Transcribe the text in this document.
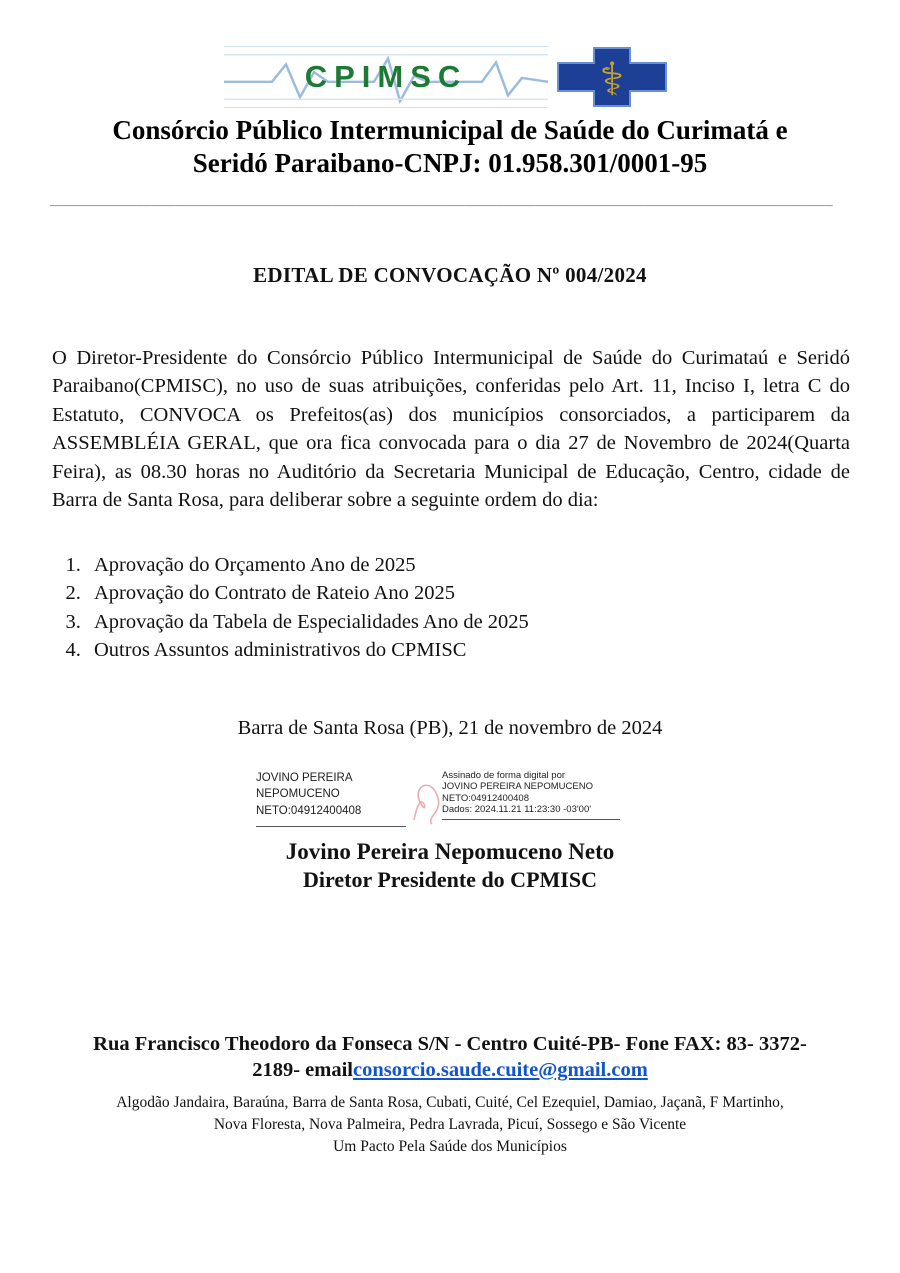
CPIMSC	⚕
Consórcio Público Intermunicipal de Saúde do Curimatá e
Seridó Paraibano-CNPJ: 01.958.301/0001-95
____________________________________________________________________________________________________
EDITAL DE CONVOCAÇÃO Nº 004/2024

O Diretor-Presidente do Consórcio Público Intermunicipal de Saúde do Curimataú e Seridó Paraibano(CPMISC), no uso de suas atribuições, conferidas pelo Art. 11, Inciso I, letra C do Estatuto, CONVOCA os Prefeitos(as) dos municípios consorciados, a participarem da ASSEMBLÉIA GERAL, que ora fica convocada para o dia 27 de Novembro de 2024(Quarta Feira), as 08.30 horas no Auditório da Secretaria Municipal de Educação, Centro, cidade de Barra de Santa Rosa, para deliberar sobre a seguinte ordem do dia:

1. Aprovação do Orçamento Ano de 2025
2. Aprovação do Contrato de Rateio Ano 2025
3. Aprovação da Tabela de Especialidades Ano de 2025
4. Outros Assuntos administrativos do CPMISC

Barra de Santa Rosa (PB), 21 de novembro de 2024

JOVINO PEREIRA NEPOMUCENO NETO:04912400408
Assinado de forma digital por
JOVINO PEREIRA NEPOMUCENO
NETO:04912400408
Dados: 2024.11.21 11:23:30 -03'00'
Jovino Pereira Nepomuceno Neto
Diretor Presidente do CPMISC
Rua Francisco Theodoro da Fonseca S/N - Centro Cuité-PB- Fone FAX: 83- 3372-
2189- emailconsorcio.saude.cuite@gmail.com
Algodão Jandaira, Baraúna, Barra de Santa Rosa, Cubati, Cuité, Cel Ezequiel, Damiao, Jaçanã, F Martinho, Nova Floresta, Nova Palmeira, Pedra Lavrada, Picuí, Sossego e São Vicente
Um Pacto Pela Saúde dos Municípios
